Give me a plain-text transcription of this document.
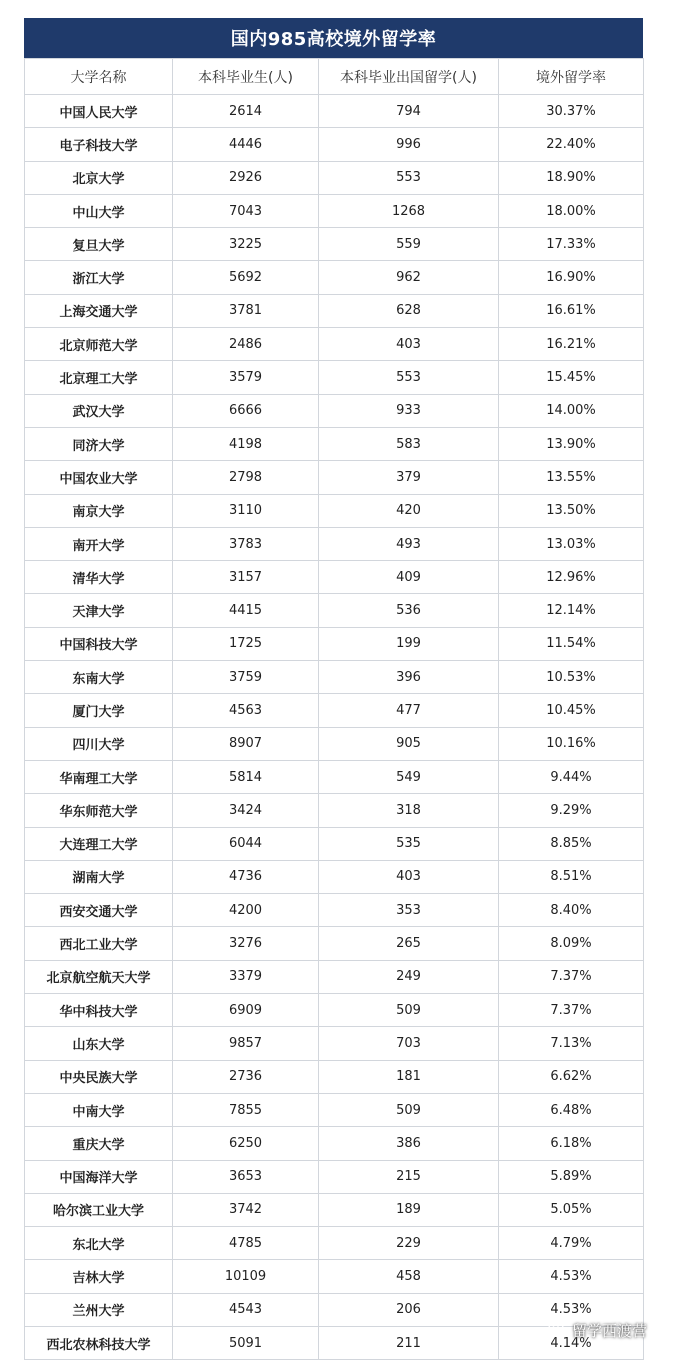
国内985高校境外留学率
大学名称	本科毕业生(人)	本科毕业出国留学(人)	境外留学率
中国人民大学	2614	794	30.37%
电子科技大学	4446	996	22.40%
北京大学	2926	553	18.90%
中山大学	7043	1268	18.00%
复旦大学	3225	559	17.33%
浙江大学	5692	962	16.90%
上海交通大学	3781	628	16.61%
北京师范大学	2486	403	16.21%
北京理工大学	3579	553	15.45%
武汉大学	6666	933	14.00%
同济大学	4198	583	13.90%
中国农业大学	2798	379	13.55%
南京大学	3110	420	13.50%
南开大学	3783	493	13.03%
清华大学	3157	409	12.96%
天津大学	4415	536	12.14%
中国科技大学	1725	199	11.54%
东南大学	3759	396	10.53%
厦门大学	4563	477	10.45%
四川大学	8907	905	10.16%
华南理工大学	5814	549	9.44%
华东师范大学	3424	318	9.29%
大连理工大学	6044	535	8.85%
湖南大学	4736	403	8.51%
西安交通大学	4200	353	8.40%
西北工业大学	3276	265	8.09%
北京航空航天大学	3379	249	7.37%
华中科技大学	6909	509	7.37%
山东大学	9857	703	7.13%
中央民族大学	2736	181	6.62%
中南大学	7855	509	6.48%
重庆大学	6250	386	6.18%
中国海洋大学	3653	215	5.89%
哈尔滨工业大学	3742	189	5.05%
东北大学	4785	229	4.79%
吉林大学	10109	458	4.53%
兰州大学	4543	206	4.53%
西北农林科技大学	5091	211	4.14%
留学西渡营
